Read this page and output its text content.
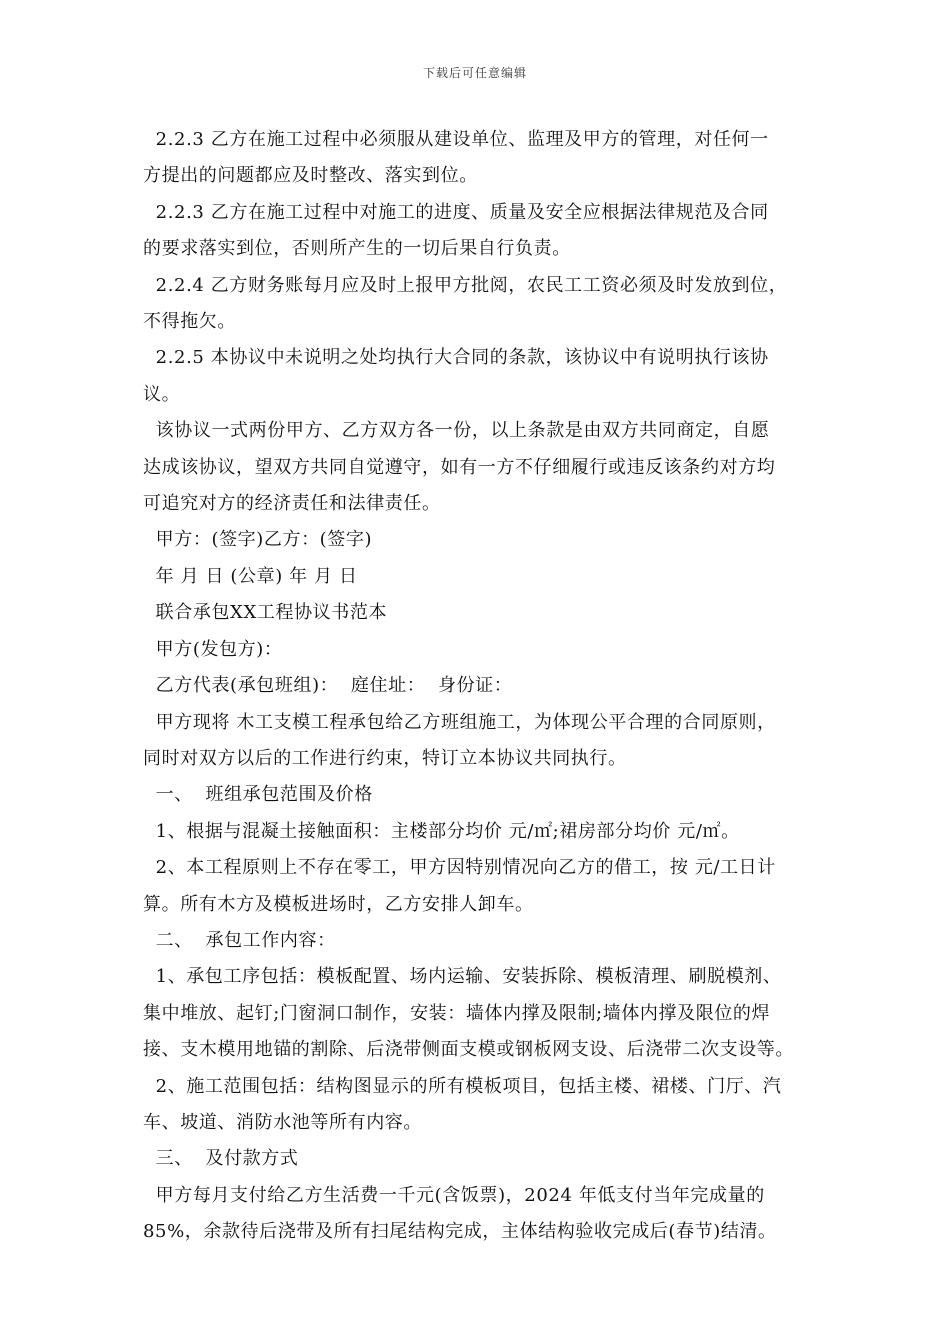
下载后可任意编辑

2.2.3 乙方在施工过程中必须服从建设单位、监理及甲方的管理，对任何一

方提出的问题都应及时整改、落实到位。

2.2.3 乙方在施工过程中对施工的进度、质量及安全应根据法律规范及合同

的要求落实到位，否则所产生的一切后果自行负责。

2.2.4 乙方财务账每月应及时上报甲方批阅，农民工工资必须及时发放到位，

不得拖欠。

2.2.5 本协议中未说明之处均执行大合同的条款，该协议中有说明执行该协

议。

该协议一式两份甲方、乙方双方各一份，以上条款是由双方共同商定，自愿

达成该协议，望双方共同自觉遵守，如有一方不仔细履行或违反该条约对方均

可追究对方的经济责任和法律责任。

甲方：(签字)乙方：(签字)

年 月 日 (公章) 年 月 日

联合承包XX工程协议书范本

甲方(发包方)：

乙方代表(承包班组)：  庭住址：  身份证：

甲方现将 木工支模工程承包给乙方班组施工，为体现公平合理的合同原则，

同时对双方以后的工作进行约束，特订立本协议共同执行。

一、  班组承包范围及价格

1、根据与混凝土接触面积：主楼部分均价 元/㎡;裙房部分均价 元/㎡。

2、本工程原则上不存在零工，甲方因特别情况向乙方的借工，按 元/工日计

算。所有木方及模板进场时，乙方安排人卸车。

二、  承包工作内容：

1、承包工序包括：模板配置、场内运输、安装拆除、模板清理、刷脱模剂、

集中堆放、起钉;门窗洞口制作，安装：墙体内撑及限制;墙体内撑及限位的焊

接、支木模用地锚的割除、后浇带侧面支模或钢板网支设、后浇带二次支设等。

2、施工范围包括：结构图显示的所有模板项目，包括主楼、裙楼、门厅、汽

车、坡道、消防水池等所有内容。

三、  及付款方式

甲方每月支付给乙方生活费一千元(含饭票)，2024 年低支付当年完成量的

85%，余款待后浇带及所有扫尾结构完成，主体结构验收完成后(春节)结清。
